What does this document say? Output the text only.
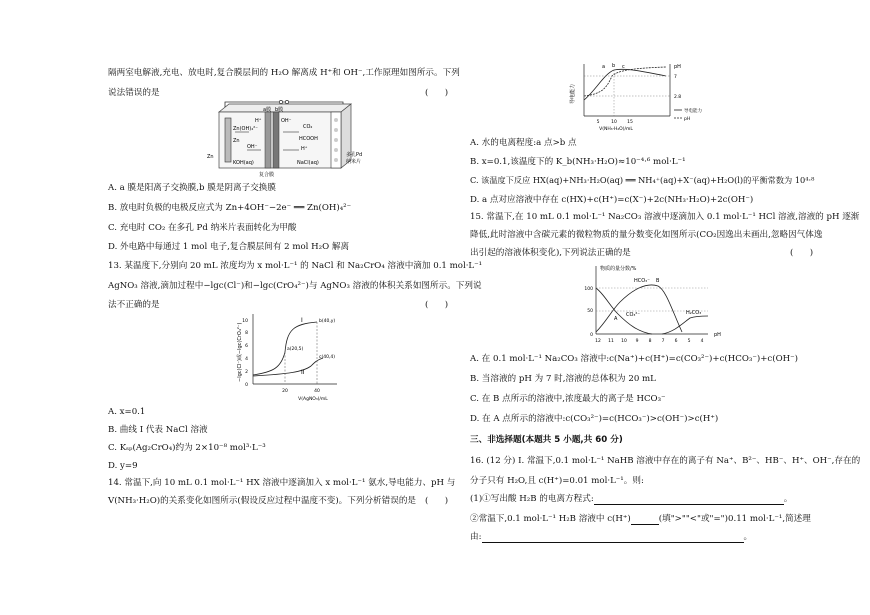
隔两室电解液,充电、放电时,复合膜层间的 H₂O 解离成 H⁺和 OH⁻,工作原理如图所示。下列
说法错误的是	(      )
a膜 b膜
Zn(OH)₄²⁻
OH⁻
H⁺	OH⁻
CO₂
HCOOH
H⁺
KOH(aq)	NaCl(aq)
Zn
Zn
多孔Pd
纳米片
复合膜
A. a 膜是阳离子交换膜,b 膜是阴离子交换膜
B. 放电时负极的电极反应式为 Zn+4OH⁻−2e⁻ ══ Zn(OH)₄²⁻
C. 充电时 CO₂ 在多孔 Pd 纳米片表面转化为甲酸
D. 外电路中每通过 1 mol 电子,复合膜层间有 2 mol H₂O 解离
13. 某温度下,分别向 20 mL 浓度均为 x mol·L⁻¹ 的 NaCl 和 Na₂CrO₄ 溶液中滴加 0.1 mol·L⁻¹
AgNO₃ 溶液,滴加过程中−lgc(Cl⁻)和−lgc(CrO₄²⁻)与 AgNO₃ 溶液的体积关系如图所示。下列说
法不正确的是	(      )
−lgc(Cl⁻)或−lgc(CrO₄²⁻)
10
8
6
4
2
0
20	40
V(AgNO₃)/mL
I
II
b(40,y)
a(20,5)
c(40,4)
A. x=0.1
B. 曲线 I 代表 NaCl 溶液
C. Kₛₚ(Ag₂CrO₄)约为 2×10⁻⁸ mol³·L⁻³
D. y=9
14. 常温下,向 10 mL 0.1 mol·L⁻¹ HX 溶液中逐滴加入 x mol·L⁻¹ 氨水,导电能力、pH 与
V(NH₃·H₂O)的关系变化如图所示(假设反应过程中温度不变)。下列分析错误的是 (      )
导电能力
pH
7
2.8
a b c
5	10 15
V(NH₃·H₂O)/mL
导电能力
pH
A. 水的电离程度:a 点>b 点
B. x=0.1,该温度下的 K_b(NH₃·H₂O)≈10⁻⁴·⁶ mol·L⁻¹
C. 该温度下反应 HX(aq)+NH₃·H₂O(aq) ══ NH₄⁺(aq)+X⁻(aq)+H₂O(l)的平衡常数为 10⁴·⁸
D. a 点对应溶液中存在 c(HX)+c(H⁺)=c(X⁻)+2c(NH₃·H₂O)+2c(OH⁻)
15. 常温下,在 10 mL 0.1 mol·L⁻¹ Na₂CO₃ 溶液中逐滴加入 0.1 mol·L⁻¹ HCl 溶液,溶液的 pH 逐渐
降低,此时溶液中含碳元素的微粒物质的量分数变化如图所示(CO₂因逸出未画出,忽略因气体逸
出引起的溶液体积变化),下列说法正确的是	(      )
物质的量分数/%
100
50
0
HCO₃⁻
CO₃²⁻	H₂CO₃
A
B
12 11 10 9 8 7 6 5 4
pH
A. 在 0.1 mol·L⁻¹ Na₂CO₃ 溶液中:c(Na⁺)+c(H⁺)=c(CO₃²⁻)+c(HCO₃⁻)+c(OH⁻)
B. 当溶液的 pH 为 7 时,溶液的总体积为 20 mL
C. 在 B 点所示的溶液中,浓度最大的离子是 HCO₃⁻
D. 在 A 点所示的溶液中:c(CO₃²⁻)=c(HCO₃⁻)>c(OH⁻)>c(H⁺)
三、非选择题(本题共 5 小题,共 60 分)
16. (12 分) Ⅰ. 常温下,0.1 mol·L⁻¹ NaHB 溶液中存在的离子有 Na⁺、B²⁻、HB⁻、H⁺、OH⁻,存在的
分子只有 H₂O,且 c(H⁺)=0.01 mol·L⁻¹。则:
(1)①写出酸 H₂B 的电离方程式:	。
②常温下,0.1 mol·L⁻¹ H₂B 溶液中 c(H⁺)	(填">""<"或"=")0.11 mol·L⁻¹,简述理
由:	。
